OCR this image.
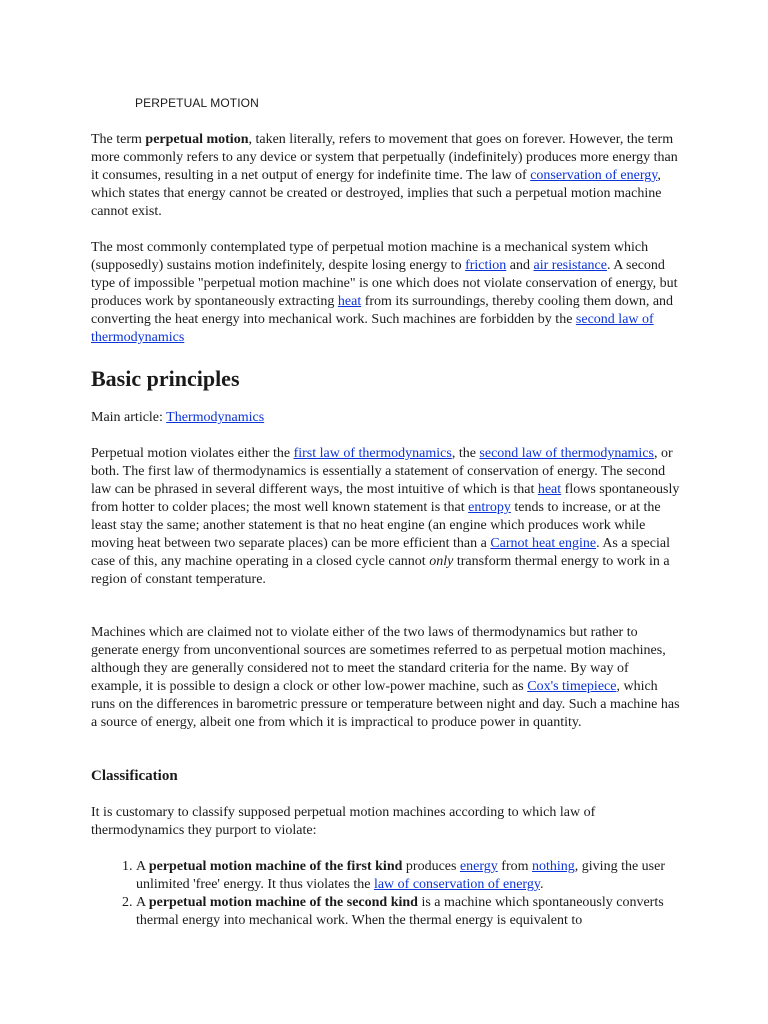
PERPETUAL MOTION

The term perpetual motion, taken literally, refers to movement that goes on forever. However, the term more commonly refers to any device or system that perpetually (indefinitely) produces more energy than it consumes, resulting in a net output of energy for indefinite time. The law of conservation of energy, which states that energy cannot be created or destroyed, implies that such a perpetual motion machine cannot exist.

The most commonly contemplated type of perpetual motion machine is a mechanical system which (supposedly) sustains motion indefinitely, despite losing energy to friction and air resistance. A second type of impossible "perpetual motion machine" is one which does not violate conservation of energy, but produces work by spontaneously extracting heat from its surroundings, thereby cooling them down, and converting the heat energy into mechanical work. Such machines are forbidden by the second law of thermodynamics

Basic principles

Main article: Thermodynamics

Perpetual motion violates either the first law of thermodynamics, the second law of thermodynamics, or both. The first law of thermodynamics is essentially a statement of conservation of energy. The second law can be phrased in several different ways, the most intuitive of which is that heat flows spontaneously from hotter to colder places; the most well known statement is that entropy tends to increase, or at the least stay the same; another statement is that no heat engine (an engine which produces work while moving heat between two separate places) can be more efficient than a Carnot heat engine. As a special case of this, any machine operating in a closed cycle cannot only transform thermal energy to work in a region of constant temperature.

Machines which are claimed not to violate either of the two laws of thermodynamics but rather to generate energy from unconventional sources are sometimes referred to as perpetual motion machines, although they are generally considered not to meet the standard criteria for the name. By way of example, it is possible to design a clock or other low-power machine, such as Cox's timepiece, which runs on the differences in barometric pressure or temperature between night and day. Such a machine has a source of energy, albeit one from which it is impractical to produce power in quantity.

Classification

It is customary to classify supposed perpetual motion machines according to which law of thermodynamics they purport to violate:

1. A perpetual motion machine of the first kind produces energy from nothing, giving the user unlimited 'free' energy. It thus violates the law of conservation of energy.
2. A perpetual motion machine of the second kind is a machine which spontaneously converts thermal energy into mechanical work. When the thermal energy is equivalent to
